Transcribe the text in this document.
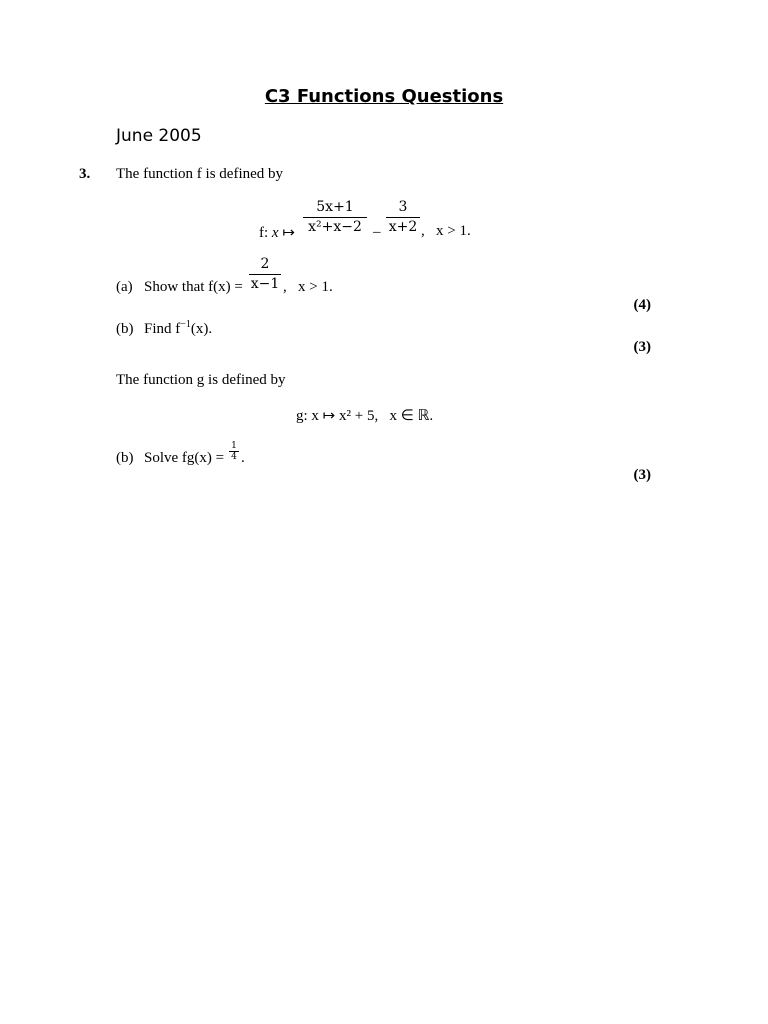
C3 Functions Questions
June 2005
3. The function f is defined by
f: x ↦ $\frac{5x+1}{\text{x²+x−2}} - \frac{3}{x+2}$ ,   x > 1.
(a) Show that $f(x) = \frac{2}{x-1}$ ,   x > 1.
(4)
(b) Find $f^{-1}(x)$.
(3)
The function g is defined by
g: x ↦ x² + 5,   x ∈ ℝ.
(b) Solve $fg(x) = \frac{1}{4}$ .
(3)
